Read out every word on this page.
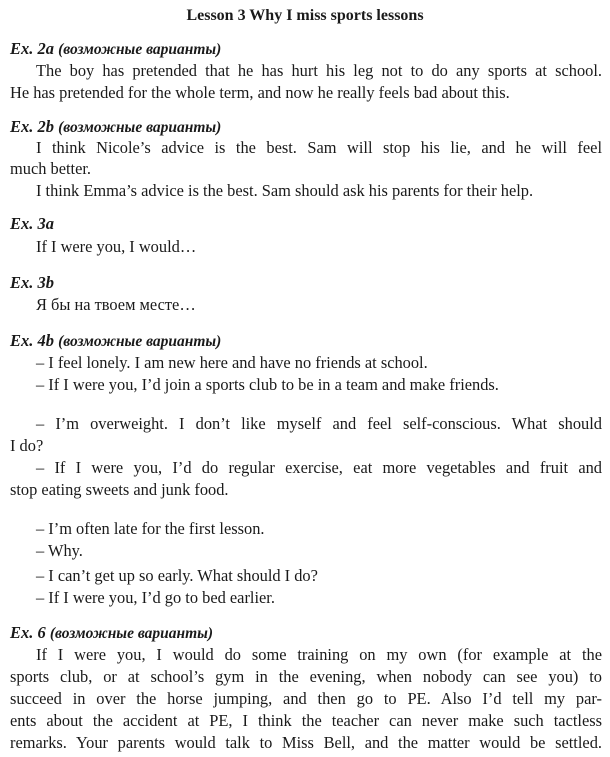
Lesson 3 Why I miss sports lessons
Ex. 2a (возможные варианты)
The boy has pretended that he has hurt his leg not to do any sports at school.
He has pretended for the whole term, and now he really feels bad about this.
Ex. 2b (возможные варианты)
I think Nicole’s advice is the best. Sam will stop his lie, and he will feel
much better.
I think Emma’s advice is the best. Sam should ask his parents for their help.
Ex. 3a
If I were you, I would…
Ex. 3b
Я бы на твоем месте…
Ex. 4b (возможные варианты)
– I feel lonely. I am new here and have no friends at school.
– If I were you, I’d join a sports club to be in a team and make friends.
– I’m overweight. I don’t like myself and feel self-conscious. What should
I do?
– If I were you, I’d do regular exercise, eat more vegetables and fruit and
stop eating sweets and junk food.
– I’m often late for the first lesson.
– Why.
– I can’t get up so early. What should I do?
– If I were you, I’d go to bed earlier.
Ex. 6 (возможные варианты)
If I were you, I would do some training on my own (for example at the
sports club, or at school’s gym in the evening, when nobody can see you) to
succeed in over the horse jumping, and then go to PE. Also I’d tell my par-
ents about the accident at PE, I think the teacher can never make such tactless
remarks. Your parents would talk to Miss Bell, and the matter would be settled.
